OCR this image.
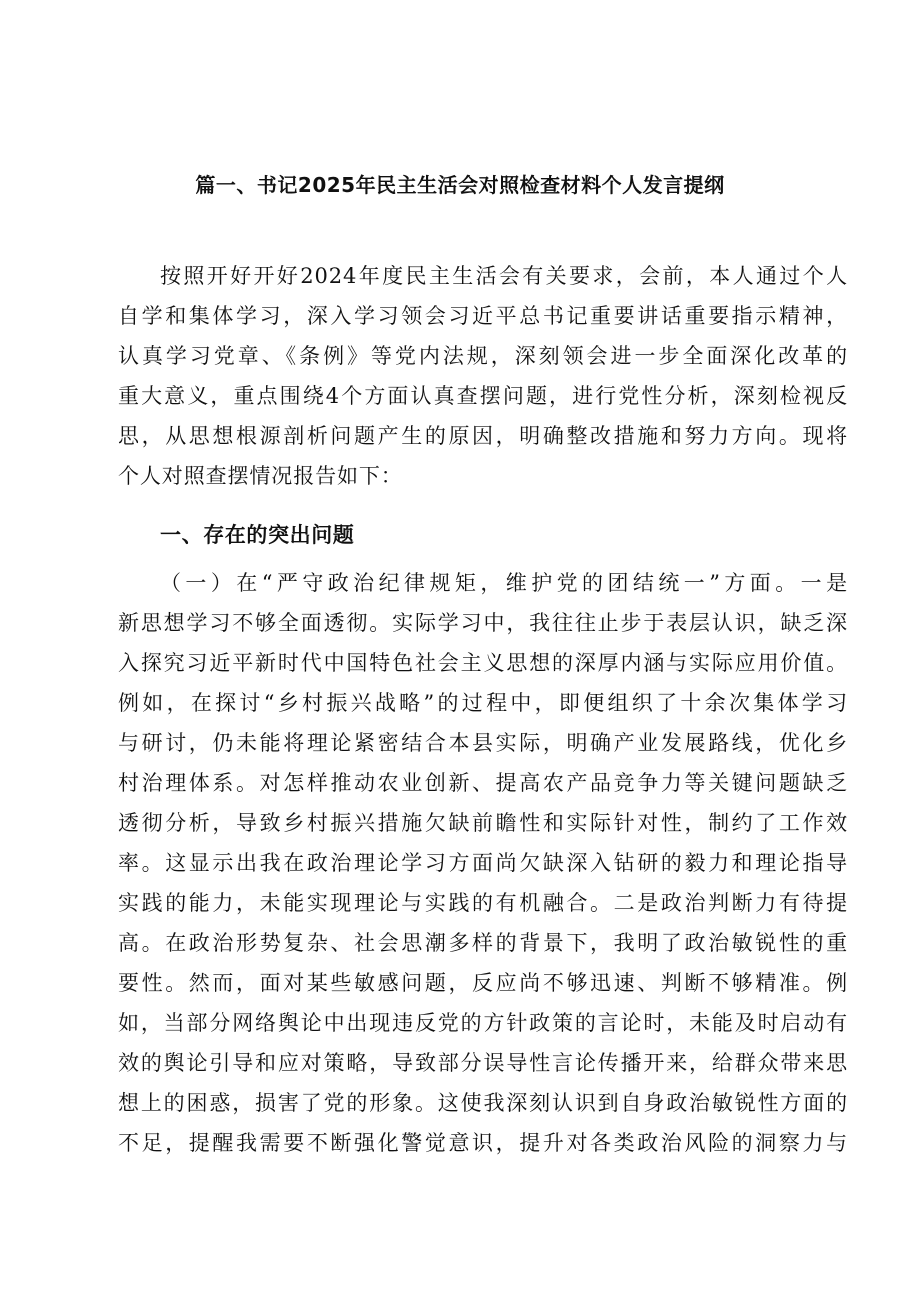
篇一、书记2025年民主生活会对照检查材料个人发言提纲
按照开好开好2024年度民主生活会有关要求，会前，本人通过个人
自学和集体学习，深入学习领会习近平总书记重要讲话重要指示精神，
认真学习党章、《条例》等党内法规，深刻领会进一步全面深化改革的
重大意义，重点围绕4个方面认真查摆问题，进行党性分析，深刻检视反
思，从思想根源剖析问题产生的原因，明确整改措施和努力方向。现将
个人对照查摆情况报告如下：
一、存在的突出问题
（一）在“严守政治纪律规矩，维护党的团结统一”方面。一是
新思想学习不够全面透彻。实际学习中，我往往止步于表层认识，缺乏深
入探究习近平新时代中国特色社会主义思想的深厚内涵与实际应用价值。
例如，在探讨“乡村振兴战略”的过程中，即便组织了十余次集体学习
与研讨，仍未能将理论紧密结合本县实际，明确产业发展路线，优化乡
村治理体系。对怎样推动农业创新、提高农产品竞争力等关键问题缺乏
透彻分析，导致乡村振兴措施欠缺前瞻性和实际针对性，制约了工作效
率。这显示出我在政治理论学习方面尚欠缺深入钻研的毅力和理论指导
实践的能力，未能实现理论与实践的有机融合。二是政治判断力有待提
高。在政治形势复杂、社会思潮多样的背景下，我明了政治敏锐性的重
要性。然而，面对某些敏感问题，反应尚不够迅速、判断不够精准。例
如，当部分网络舆论中出现违反党的方针政策的言论时，未能及时启动有
效的舆论引导和应对策略，导致部分误导性言论传播开来，给群众带来思
想上的困惑，损害了党的形象。这使我深刻认识到自身政治敏锐性方面的
不足，提醒我需要不断强化警觉意识，提升对各类政治风险的洞察力与
